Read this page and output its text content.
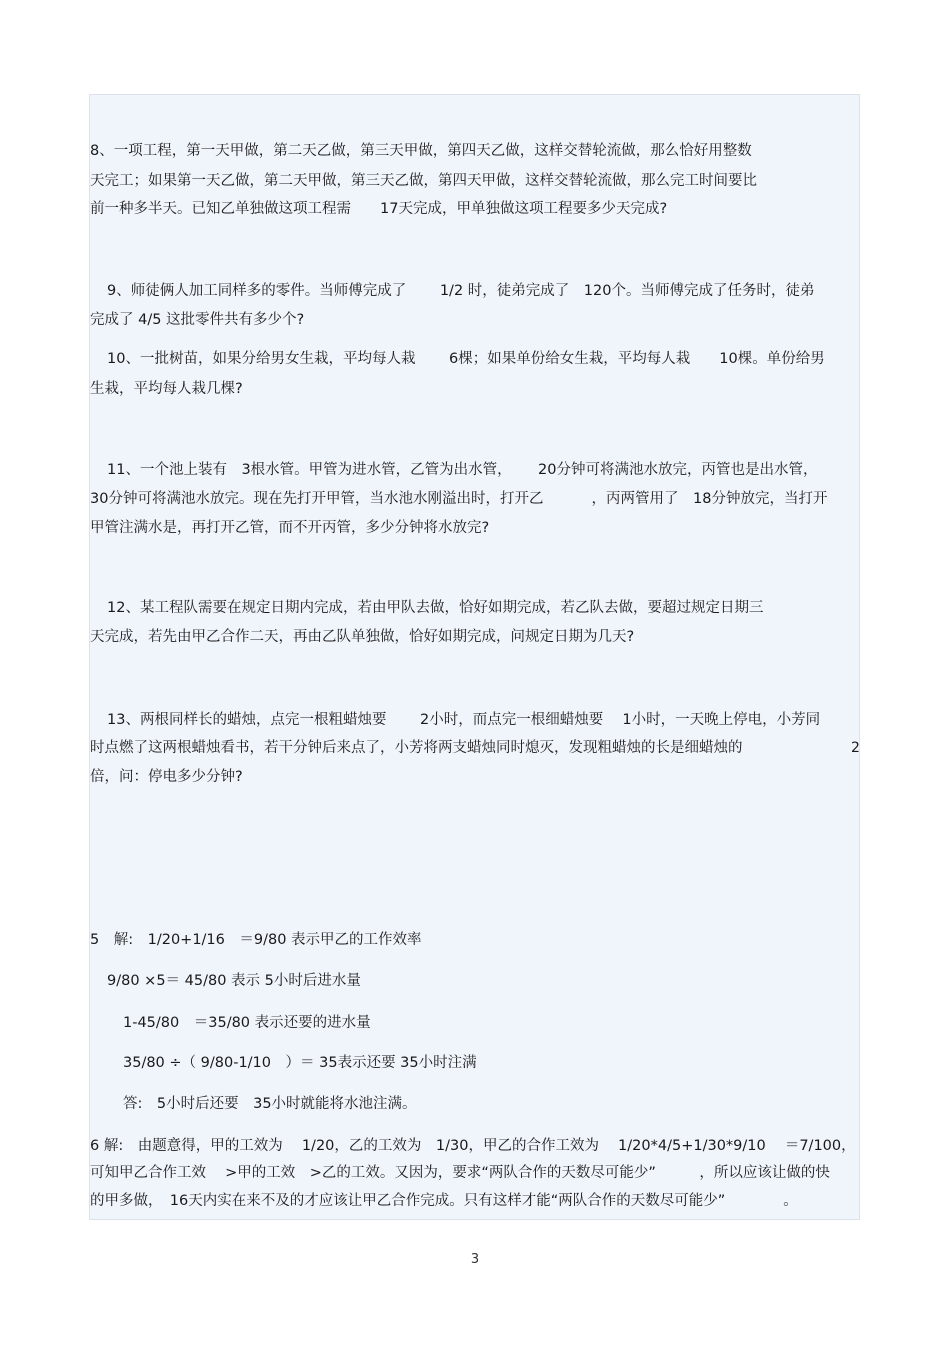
8、一项工程，第一天甲做，第二天乙做，第三天甲做，第四天乙做，这样交替轮流做，那么恰好用整数

天完工；如果第一天乙做，第二天甲做，第三天乙做，第四天甲做，这样交替轮流做，那么完工时间要比

前一种多半天。已知乙单独做这项工程需　　17天完成，甲单独做这项工程要多少天完成?

9、师徒俩人加工同样多的零件。当师傅完成了　　 1/2 时，徒弟完成了　120个。当师傅完成了任务时，徒弟

完成了 4/5 这批零件共有多少个?

10、一批树苗，如果分给男女生栽，平均每人栽　　 6棵；如果单份给女生栽，平均每人栽　　10棵。单份给男

生栽，平均每人栽几棵?

11、一个池上装有　3根水管。甲管为进水管，乙管为出水管，　　 20分钟可将满池水放完，丙管也是出水管，

30分钟可将满池水放完。现在先打开甲管，当水池水刚溢出时，打开乙　　　 ，丙两管用了　18分钟放完，当打开

甲管注满水是，再打开乙管，而不开丙管，多少分钟将水放完?

12、某工程队需要在规定日期内完成，若由甲队去做，恰好如期完成，若乙队去做，要超过规定日期三

天完成，若先由甲乙合作二天，再由乙队单独做，恰好如期完成，问规定日期为几天?

13、两根同样长的蜡烛，点完一根粗蜡烛要　　 2小时，而点完一根细蜡烛要　 1小时，一天晚上停电，小芳同

时点燃了这两根蜡烛看书，若干分钟后来点了，小芳将两支蜡烛同时熄灭，发现粗蜡烛的长是细蜡烛的	2

倍，问：停电多少分钟?

5　解:　1/20+1/16　＝9/80 表示甲乙的工作效率

9/80 ×5＝ 45/80 表示 5小时后进水量

1-45/80　＝35/80 表示还要的进水量

35/80 ÷（ 9/80-1/10　）＝ 35表示还要 35小时注满

答:　5小时后还要　35小时就能将水池注满。

6 解:　由题意得，甲的工效为　 1/20，乙的工效为　1/30，甲乙的合作工效为　 1/20*4/5+1/30*9/10　 ＝7/100，

可知甲乙合作工效　 >甲的工效　>乙的工效。又因为，要求“两队合作的天数尽可能少”　　　，所以应该让做的快

的甲多做，　16天内实在来不及的才应该让甲乙合作完成。只有这样才能“两队合作的天数尽可能少”　　　　。

3
